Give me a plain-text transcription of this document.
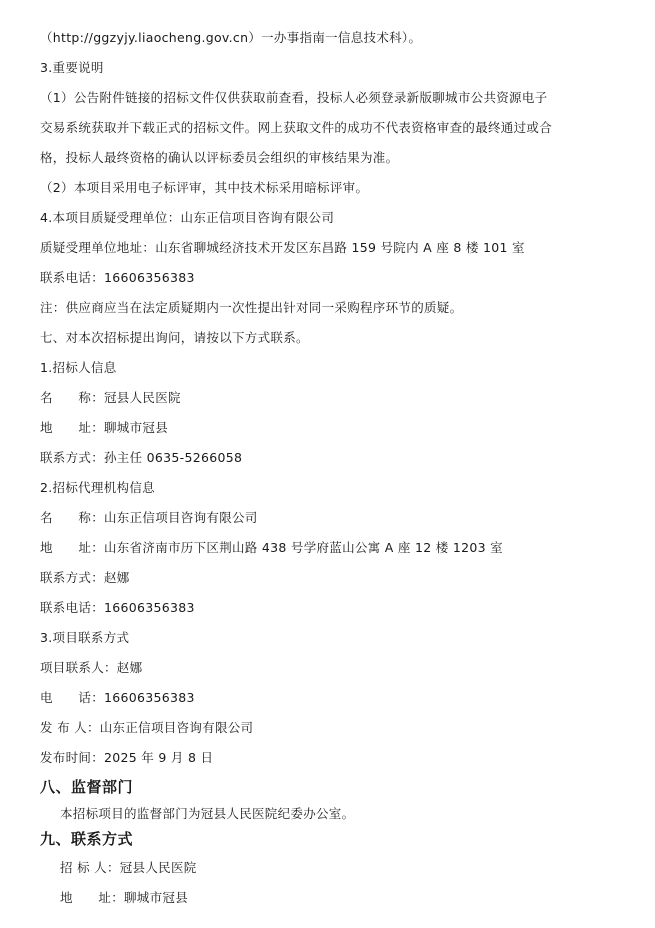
（http://ggzyjy.liaocheng.gov.cn）一办事指南一信息技术科）。
3.重要说明
（1）公告附件链接的招标文件仅供获取前查看，投标人必须登录新版聊城市公共资源电子
交易系统获取并下载正式的招标文件。网上获取文件的成功不代表资格审查的最终通过或合
格，投标人最终资格的确认以评标委员会组织的审核结果为准。
（2）本项目采用电子标评审，其中技术标采用暗标评审。
4.本项目质疑受理单位：山东正信项目咨询有限公司
质疑受理单位地址：山东省聊城经济技术开发区东昌路 159 号院内 A 座 8 楼 101 室
联系电话：16606356383
注：供应商应当在法定质疑期内一次性提出针对同一采购程序环节的质疑。
七、对本次招标提出询问，请按以下方式联系。
1.招标人信息
名　　称：冠县人民医院
地　　址：聊城市冠县
联系方式：孙主任 0635-5266058
2.招标代理机构信息
名　　称：山东正信项目咨询有限公司
地　　址：山东省济南市历下区荆山路 438 号学府蓝山公寓 A 座 12 楼 1203 室
联系方式：赵娜
联系电话：16606356383
3.项目联系方式
项目联系人：赵娜
电　　话：16606356383
发 布 人：山东正信项目咨询有限公司
发布时间：2025 年 9 月 8 日
八、监督部门
本招标项目的监督部门为冠县人民医院纪委办公室。
九、联系方式
招 标 人：冠县人民医院
地　　址：聊城市冠县
